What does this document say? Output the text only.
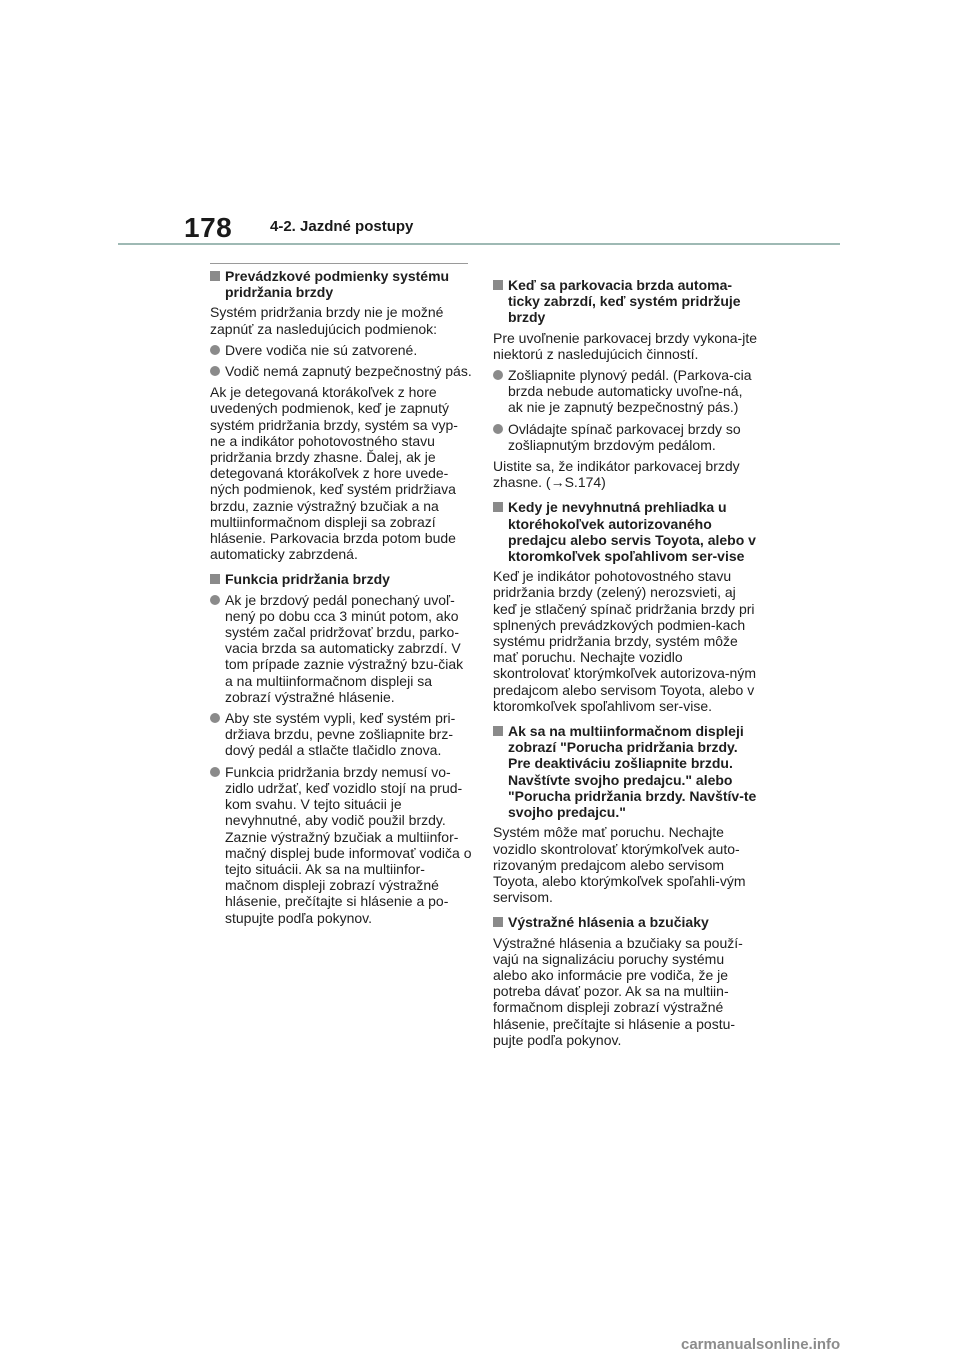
178	4-2. Jazdné postupy
Prevádzkové podmienky systému pridržania brzdy

Systém pridržania brzdy nie je možné zapnúť za nasledujúcich podmienok:

Dvere vodiča nie sú zatvorené.
Vodič nemá zapnutý bezpečnostný pás.

Ak je detegovaná ktorákoľvek z hore uvedených podmienok, keď je zapnutý systém pridržania brzdy, systém sa vyp-ne a indikátor pohotovostného stavu pridržania brzdy zhasne. Ďalej, ak je detegovaná ktorákoľvek z hore uvede-ných podmienok, keď systém pridržiava brzdu, zaznie výstražný bzučiak a na multiinformačnom displeji sa zobrazí hlásenie. Parkovacia brzda potom bude automaticky zabrzdená.

Funkcia pridržania brzdy
Ak je brzdový pedál ponechaný uvoľ-nený po dobu cca 3 minút potom, ako systém začal pridržovať brzdu, parko-vacia brzda sa automaticky zabrzdí. V tom prípade zaznie výstražný bzu-čiak a na multiinformačnom displeji sa zobrazí výstražné hlásenie.
Aby ste systém vypli, keď systém pri-držiava brzdu, pevne zošliapnite brz-dový pedál a stlačte tlačidlo znova.
Funkcia pridržania brzdy nemusí vo-zidlo udržať, keď vozidlo stojí na prud-kom svahu. V tejto situácii je nevyhnutné, aby vodič použil brzdy. Zaznie výstražný bzučiak a multiinfor-mačný displej bude informovať vodiča o tejto situácii. Ak sa na multiinfor-mačnom displeji zobrazí výstražné hlásenie, prečítajte si hlásenie a po-stupujte podľa pokynov.
Keď sa parkovacia brzda automa-ticky zabrzdí, keď systém pridržuje brzdy

Pre uvoľnenie parkovacej brzdy vykona-jte niektorú z nasledujúcich činností.

Zošliapnite plynový pedál. (Parkova-cia brzda nebude automaticky uvoľne-ná, ak nie je zapnutý bezpečnostný pás.)
Ovládajte spínač parkovacej brzdy so zošliapnutým brzdovým pedálom.

Uistite sa, že indikátor parkovacej brzdy zhasne. (→S.174)

Kedy je nevyhnutná prehliadka u ktoréhokoľvek autorizovaného predajcu alebo servis Toyota, alebo v ktoromkoľvek spoľahlivom ser-vise

Keď je indikátor pohotovostného stavu pridržania brzdy (zelený) nerozsvieti, aj keď je stlačený spínač pridržania brzdy pri splnených prevádzkových podmien-kach systému pridržania brzdy, systém môže mať poruchu. Nechajte vozidlo skontrolovať ktorýmkoľvek autorizova-ným predajcom alebo servisom Toyota, alebo v ktoromkoľvek spoľahlivom ser-vise.

Ak sa na multiinformačnom displeji zobrazí "Porucha pridržania brzdy. Pre deaktiváciu zošliapnite brzdu. Navštívte svojho predajcu." alebo "Porucha pridržania brzdy. Navštív-te svojho predajcu."

Systém môže mať poruchu. Nechajte vozidlo skontrolovať ktorýmkoľvek auto-rizovaným predajcom alebo servisom Toyota, alebo ktorýmkoľvek spoľahli-vým servisom.

Výstražné hlásenia a bzučiaky

Výstražné hlásenia a bzučiaky sa použí-vajú na signalizáciu poruchy systému alebo ako informácie pre vodiča, že je potreba dávať pozor. Ak sa na multiin-formačnom displeji zobrazí výstražné hlásenie, prečítajte si hlásenie a postu-pujte podľa pokynov.

carmanualsonline.info
